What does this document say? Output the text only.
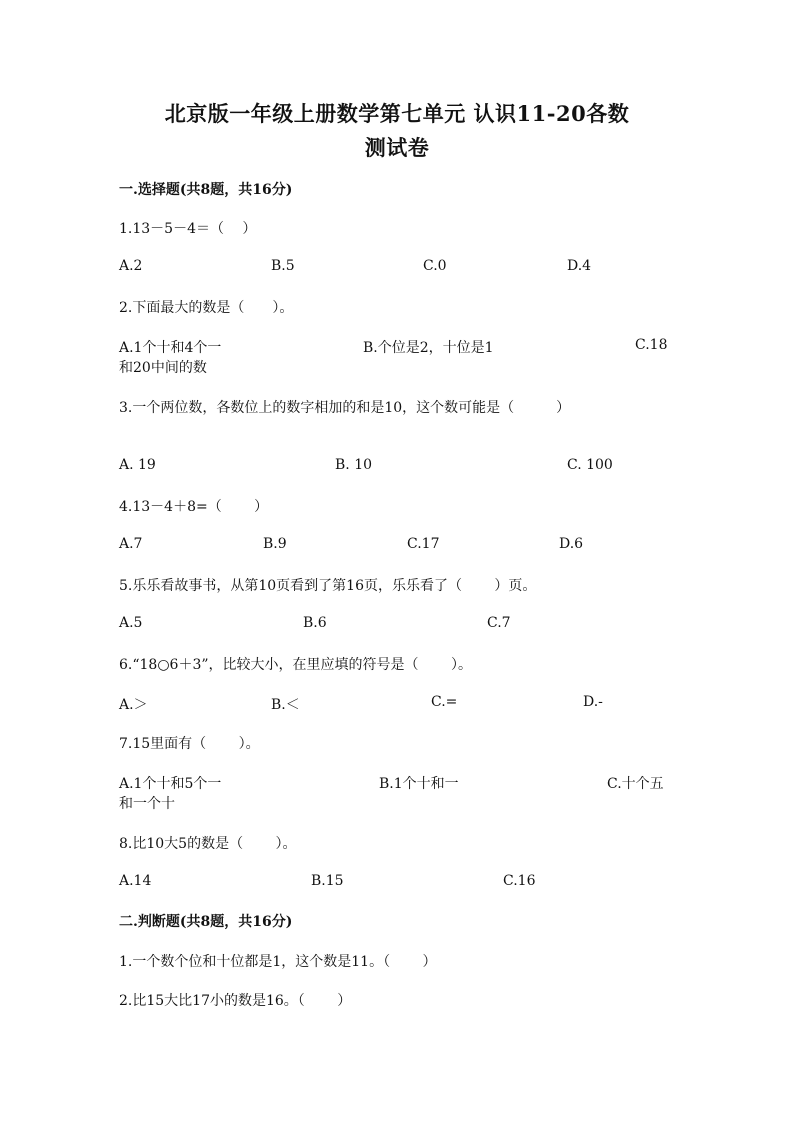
北京版一年级上册数学第七单元 认识11-20各数
测试卷
一.选择题(共8题，共16分)
1.13－5－4＝（　 ）
A.2	B.5	C.0	D.4
2.下面最大的数是（　　）。
A.1个十和4个一	B.个位是2，十位是1	C.18
和20中间的数
3.一个两位数，各数位上的数字相加的和是10，这个数可能是（　　　）
A. 19	B. 10	C. 100
4.13－4＋8=（　　 ）
A.7	B.9	C.17	D.6
5.乐乐看故事书，从第10页看到了第16页，乐乐看了（　　 ）页。
A.5	B.6	C.7
6.“18○6＋3”，比较大小，在里应填的符号是（　　 ）。
A.＞	B.＜	C.=	D.-
7.15里面有（　　 ）。
A.1个十和5个一	B.1个十和一	C.十个五
和一个十
8.比10大5的数是（　　 ）。
A.14	B.15	C.16
二.判断题(共8题，共16分)
1.一个数个位和十位都是1，这个数是11。（　　 ）
2.比15大比17小的数是16。（　　 ）
